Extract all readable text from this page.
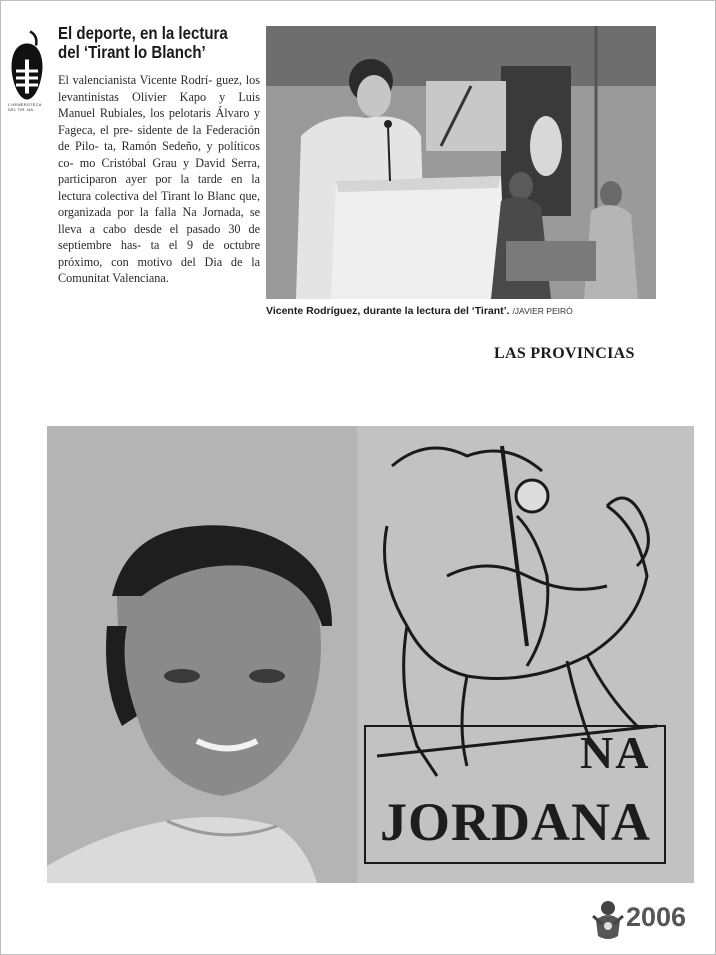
L'HEMEROTECA DEL TIR. NA'
El deporte, en la lectura
del ‘Tirant lo Blanch’

El valencianista Vicente Rodrí- guez, los levantinistas Olivier Kapo y Luis Manuel Rubiales, los pelotaris Álvaro y Fageca, el pre- sidente de la Federación de Pilo- ta, Ramón Sedeño, y políticos co- mo Cristóbal Grau y David Serra, participaron ayer por la tarde en la lectura colectiva del Tirant lo Blanc que, organizada por la falla Na Jornada, se lleva a cabo desde el pasado 30 de septiembre has- ta el 9 de octubre próximo, con motivo del Dia de la Comunitat Valenciana.

Vicente Rodríguez, durante la lectura del ‘Tirant’. /JAVIER PEIRÓ
LAS PROVINCIAS
NA
JORDANA
2006
